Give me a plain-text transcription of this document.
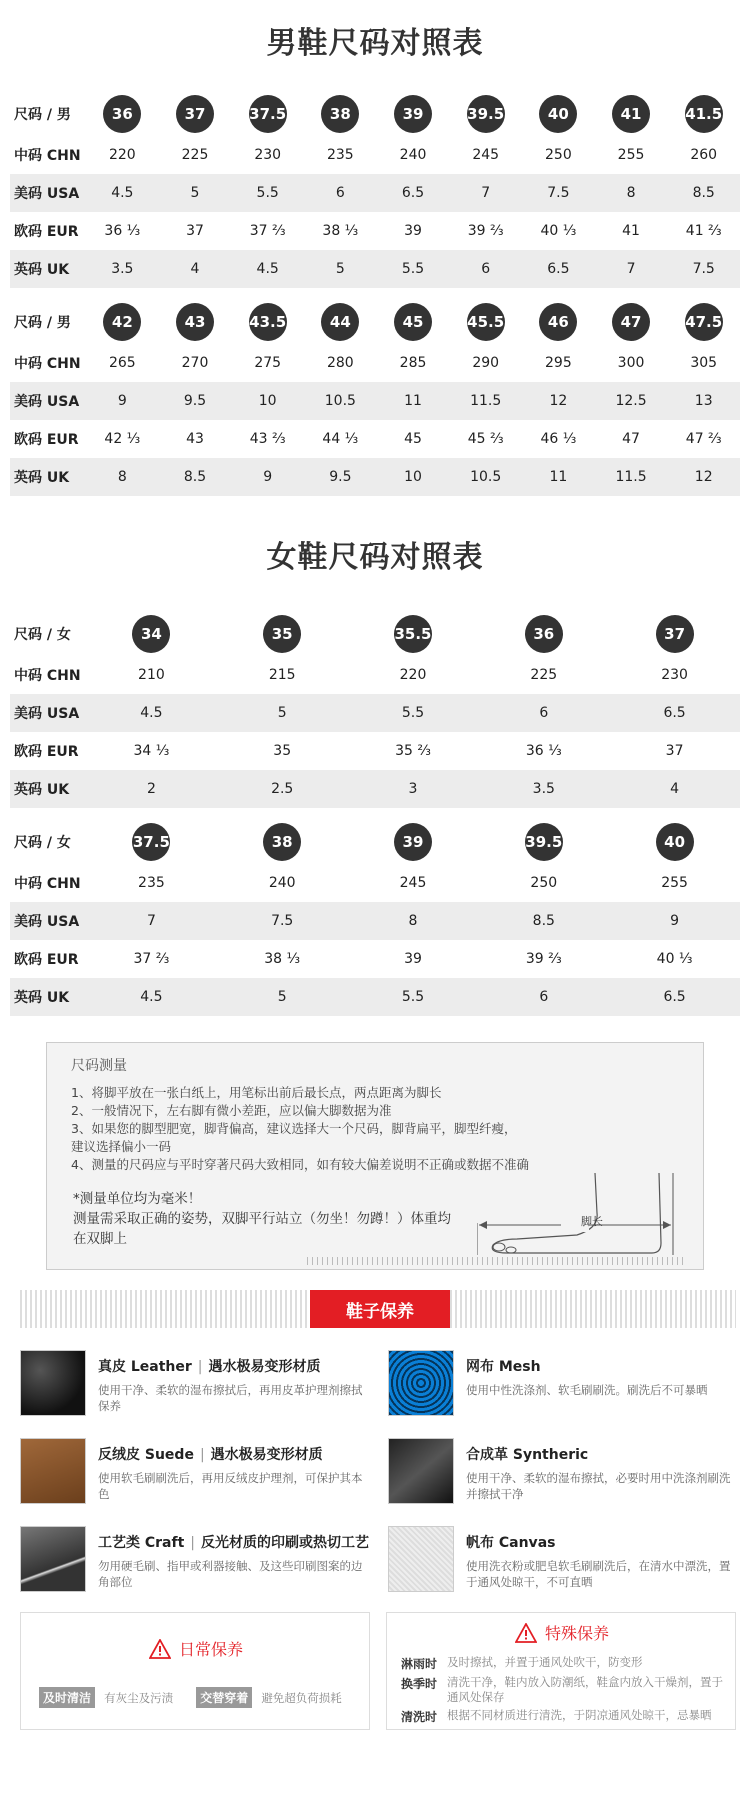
男鞋尺码对照表
尺码 / 男	36	37	37.5	38	39	39.5	40	41	41.5
中码 CHN	220	225	230	235	240	245	250	255	260
美码 USA	4.5	5	5.5	6	6.5	7	7.5	8	8.5
欧码 EUR	36 ⅓	37	37 ⅔	38 ⅓	39	39 ⅔	40 ⅓	41	41 ⅔
英码 UK	3.5	4	4.5	5	5.5	6	6.5	7	7.5
尺码 / 男	42	43	43.5	44	45	45.5	46	47	47.5
中码 CHN	265	270	275	280	285	290	295	300	305
美码 USA	9	9.5	10	10.5	11	11.5	12	12.5	13
欧码 EUR	42 ⅓	43	43 ⅔	44 ⅓	45	45 ⅔	46 ⅓	47	47 ⅔
英码 UK	8	8.5	9	9.5	10	10.5	11	11.5	12
女鞋尺码对照表
尺码 / 女	34	35	35.5	36	37
中码 CHN	210	215	220	225	230
美码 USA	4.5	5	5.5	6	6.5
欧码 EUR	34 ⅓	35	35 ⅔	36 ⅓	37
英码 UK	2	2.5	3	3.5	4
尺码 / 女	37.5	38	39	39.5	40
中码 CHN	235	240	245	250	255
美码 USA	7	7.5	8	8.5	9
欧码 EUR	37 ⅔	38 ⅓	39	39 ⅔	40 ⅓
英码 UK	4.5	5	5.5	6	6.5
尺码测量
1、将脚平放在一张白纸上，用笔标出前后最长点，两点距离为脚长
2、一般情况下，左右脚有微小差距，应以偏大脚数据为准
3、如果您的脚型肥宽，脚背偏高，建议选择大一个尺码，脚背扁平，脚型纤瘦，
建议选择偏小一码
4、测量的尺码应与平时穿著尺码大致相同，如有较大偏差说明不正确或数据不准确
*测量单位均为毫米！
测量需采取正确的姿势，双脚平行站立（勿坐！勿蹲！）体重均
在双脚上
脚长
鞋子保养
真皮 Leather | 遇水极易变形材质
使用干净、柔软的湿布擦拭后，再用皮革护理剂擦拭保养
网布 Mesh
使用中性洗涤剂、软毛刷刷洗。刷洗后不可暴晒
反绒皮 Suede | 遇水极易变形材质
使用软毛刷刷洗后，再用反绒皮护理剂，可保护其本色
合成革 Syntheric
使用干净、柔软的湿布擦拭，必要时用中洗涤剂刷洗并擦拭干净
工艺类 Craft | 反光材质的印刷或热切工艺
勿用硬毛刷、指甲或利器接触、及这些印刷图案的边角部位
帆布 Canvas
使用洗衣粉或肥皂软毛刷刷洗后，在清水中漂洗，置于通风处晾干，不可直晒
日常保养
及时清洁 有灰尘及污渍 交替穿着 避免超负荷损耗
特殊保养
淋雨时 及时擦拭，并置于通风处吹干，防变形
换季时 清洗干净，鞋内放入防潮纸，鞋盒内放入干燥剂，置于通风处保存
清洗时 根据不同材质进行清洗，于阴凉通风处晾干，忌暴晒
